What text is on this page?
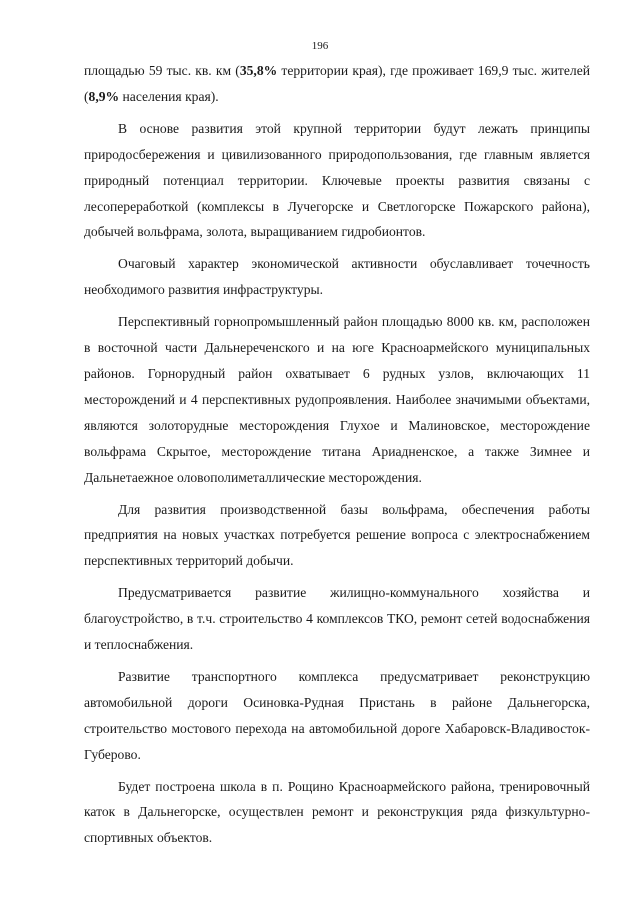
196

площадью 59 тыс. кв. км (35,8% территории края), где проживает 169,9 тыс. жителей (8,9% населения края).

В основе развития этой крупной территории будут лежать принципы природосбережения и цивилизованного природопользования, где главным является природный потенциал территории. Ключевые проекты развития связаны с лесопереработкой (комплексы в Лучегорске и Светлогорске Пожарского района), добычей вольфрама, золота, выращиванием гидробионтов.

Очаговый характер экономической активности обуславливает точечность необходимого развития инфраструктуры.

Перспективный горнопромышленный район площадью 8000 кв. км, расположен в восточной части Дальнереченского и на юге Красноармейского муниципальных районов. Горнорудный район охватывает 6 рудных узлов, включающих 11 месторождений и 4 перспективных рудопроявления. Наиболее значимыми объектами, являются золоторудные месторождения Глухое и Малиновское, месторождение вольфрама Скрытое, месторождение титана Ариадненское, а также Зимнее и Дальнетаежное оловополиметаллические месторождения.

Для развития производственной базы вольфрама, обеспечения работы предприятия на новых участках потребуется решение вопроса с электроснабжением перспективных территорий добычи.

Предусматривается развитие жилищно-коммунального хозяйства и благоустройство, в т.ч. строительство 4 комплексов ТКО, ремонт сетей водоснабжения и теплоснабжения.

Развитие транспортного комплекса предусматривает реконструкцию автомобильной дороги Осиновка-Рудная Пристань в районе Дальнегорска, строительство мостового перехода на автомобильной дороге Хабаровск-Владивосток-Губерово.

Будет построена школа в п. Рощино Красноармейского района, тренировочный каток в Дальнегорске, осуществлен ремонт и реконструкция ряда физкультурно-спортивных объектов.
